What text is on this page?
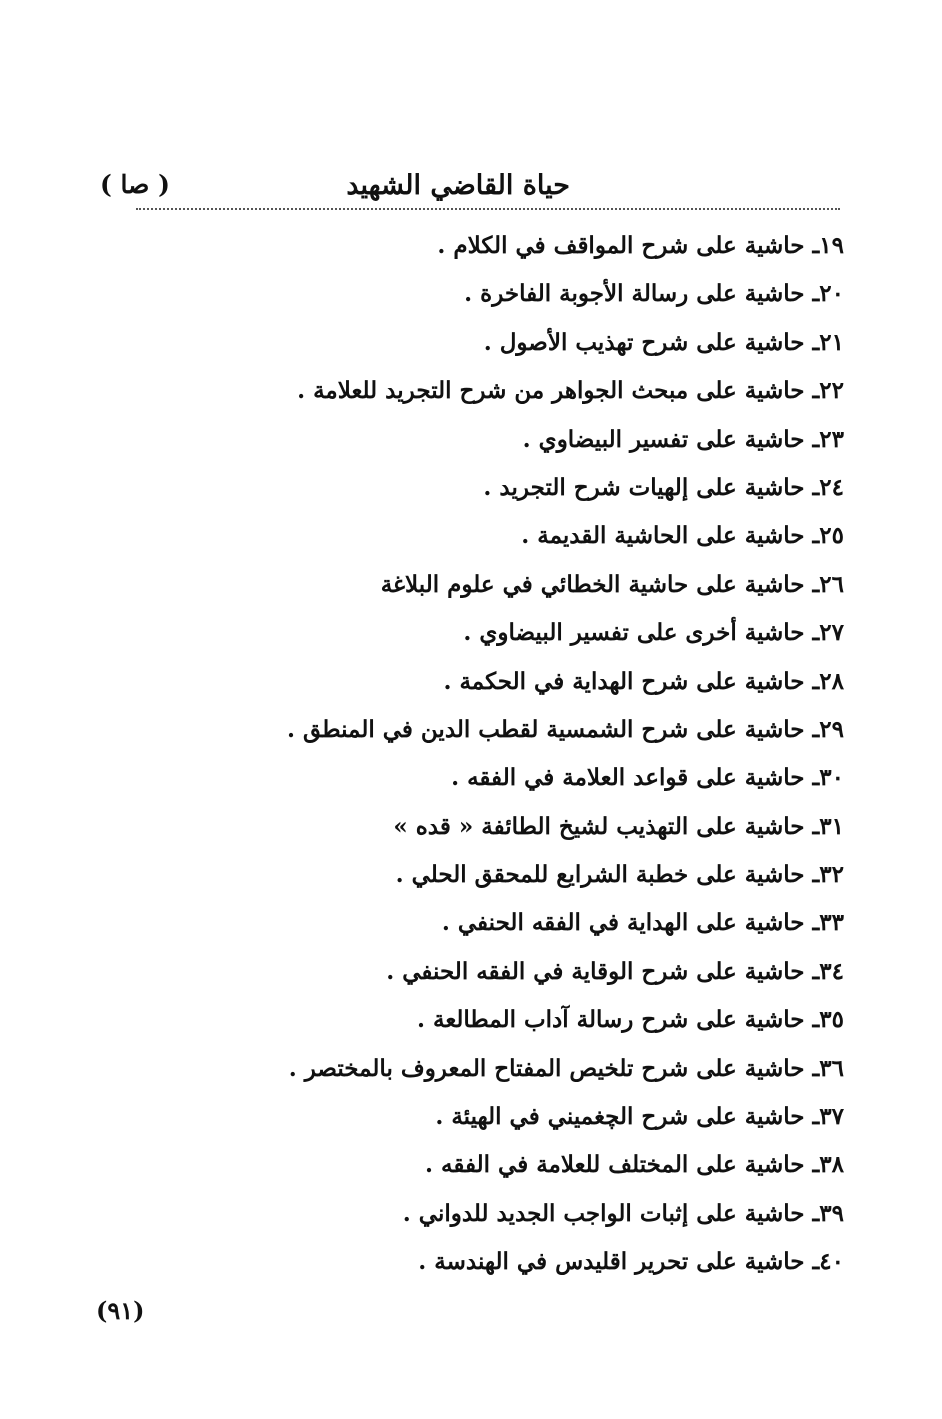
حياة القاضي الشهيد
( صا )
١٩ـ حاشية على شرح المواقف في الكلام .
٢٠ـ حاشية على رسالة الأجوبة الفاخرة .
٢١ـ حاشية على شرح تهذيب الأصول .
٢٢ـ حاشية على مبحث الجواهر من شرح التجريد للعلامة .
٢٣ـ حاشية على تفسير البيضاوي .
٢٤ـ حاشية على إلهيات شرح التجريد .
٢٥ـ حاشية على الحاشية القديمة .
٢٦ـ حاشية على حاشية الخطائي في علوم البلاغة
٢٧ـ حاشية أخرى على تفسير البيضاوي .
٢٨ـ حاشية على شرح الهداية في الحكمة .
٢٩ـ حاشية على شرح الشمسية لقطب الدين في المنطق .
٣٠ـ حاشية على قواعد العلامة في الفقه .
٣١ـ حاشية على التهذيب لشيخ الطائفة « قده »
٣٢ـ حاشية على خطبة الشرايع للمحقق الحلي .
٣٣ـ حاشية على الهداية في الفقه الحنفي .
٣٤ـ حاشية على شرح الوقاية في الفقه الحنفي .
٣٥ـ حاشية على شرح رسالة آداب المطالعة .
٣٦ـ حاشية على شرح تلخيص المفتاح المعروف بالمختصر .
٣٧ـ حاشية على شرح الچغميني في الهيئة .
٣٨ـ حاشية على المختلف للعلامة في الفقه .
٣٩ـ حاشية على إثبات الواجب الجديد للدواني .
٤٠ـ حاشية على تحرير اقليدس في الهندسة .
(٩١)
